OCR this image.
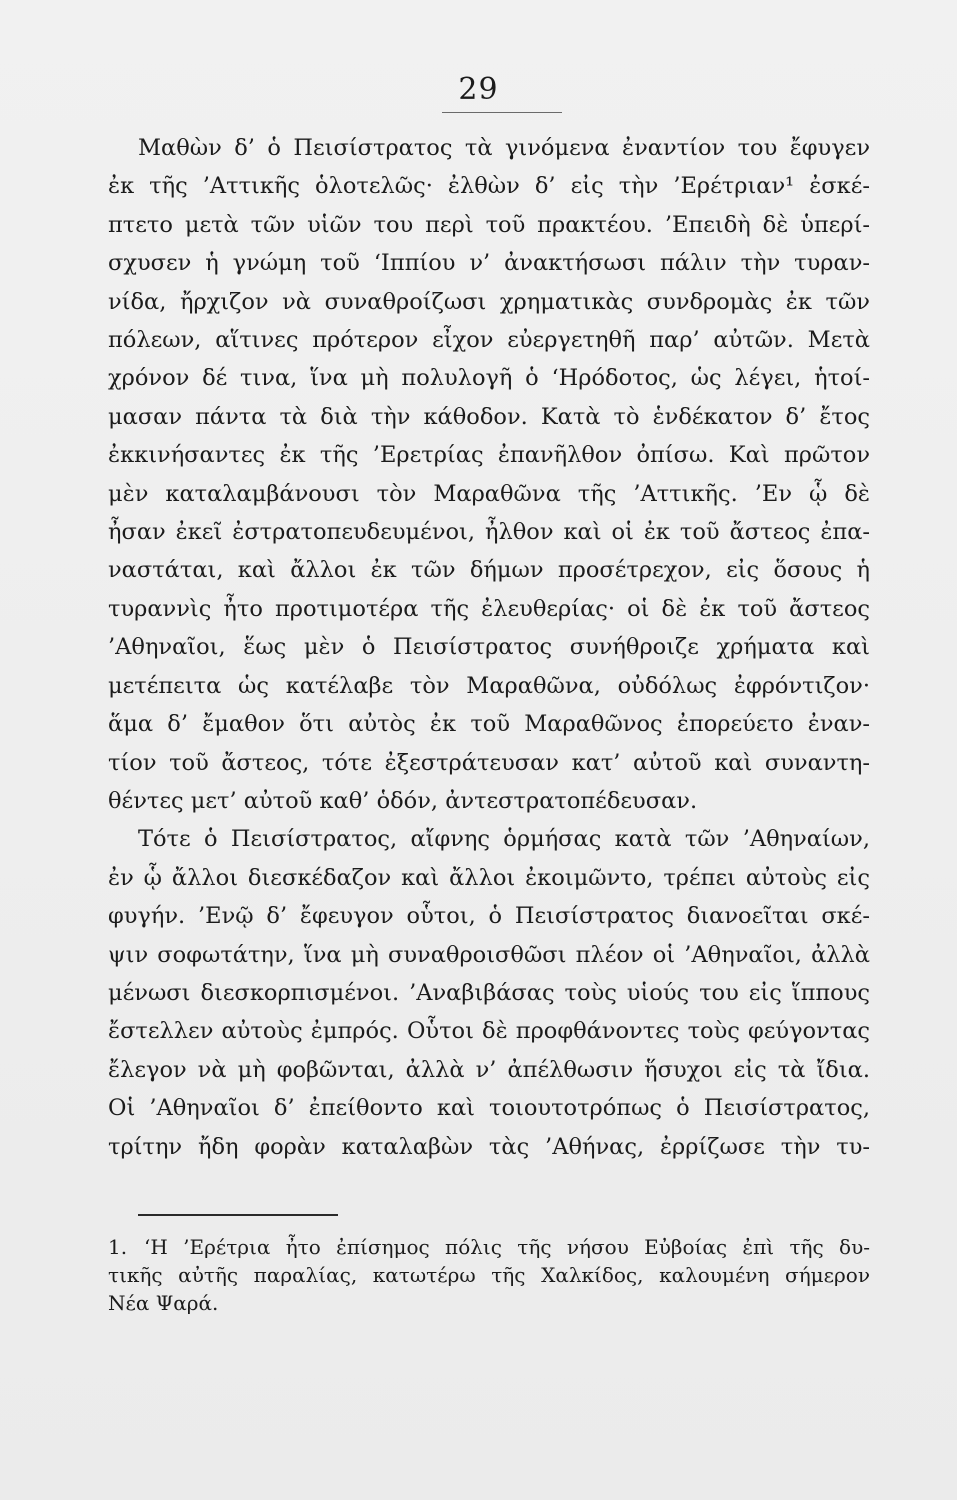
29
Μαθὼν δ’ ὁ Πεισίστρατος τὰ γινόμενα ἐναντίον του ἔφυγεν
ἐκ τῆς ’Αττικῆς ὁλοτελῶς· ἐλθὼν δ’ εἰς τὴν ’Ερέτριαν¹ ἐσκέ-
πτετο μετὰ τῶν υἱῶν του περὶ τοῦ πρακτέου. ’Επειδὴ δὲ ὑπερί-
σχυσεν ἡ γνώμη τοῦ ‘Ιππίου ν’ ἀνακτήσωσι πάλιν τὴν τυραν-
νίδα, ἤρχιζον νὰ συναθροίζωσι χρηματικὰς συνδρομὰς ἐκ τῶν
πόλεων, αἵτινες πρότερον εἶχον εὐεργετηθῆ παρ’ αὐτῶν. Μετὰ
χρόνον δέ τινα, ἵνα μὴ πολυλογῆ ὁ ‘Ηρόδοτος, ὡς λέγει, ἡτοί-
μασαν πάντα τὰ διὰ τὴν κάθοδον. Κατὰ τὸ ἑνδέκατον δ’ ἔτος
ἐκκινήσαντες ἐκ τῆς ’Ερετρίας ἐπανῆλθον ὀπίσω. Καὶ πρῶτον
μὲν καταλαμβάνουσι τὸν Μαραθῶνα τῆς ’Αττικῆς. ’Εν ᾧ δὲ
ἦσαν ἐκεῖ ἐστρατοπευδευμένοι, ἦλθον καὶ οἱ ἐκ τοῦ ἄστεος ἐπα-
ναστάται, καὶ ἄλλοι ἐκ τῶν δήμων προσέτρεχον, εἰς ὅσους ἡ
τυραννὶς ἦτο προτιμοτέρα τῆς ἐλευθερίας· οἱ δὲ ἐκ τοῦ ἄστεος
’Αθηναῖοι, ἕως μὲν ὁ Πεισίστρατος συνήθροιζε χρήματα καὶ
μετέπειτα ὡς κατέλαβε τὸν Μαραθῶνα, οὐδόλως ἐφρόντιζον·
ἅμα δ’ ἔμαθον ὅτι αὐτὸς ἐκ τοῦ Μαραθῶνος ἐπορεύετο ἐναν-
τίον τοῦ ἄστεος, τότε ἐξεστράτευσαν κατ’ αὐτοῦ καὶ συναντη-
θέντες μετ’ αὐτοῦ καθ’ ὁδόν, ἀντεστρατοπέδευσαν.
Τότε ὁ Πεισίστρατος, αἴφνης ὁρμήσας κατὰ τῶν ’Αθηναίων,
ἐν ᾧ ἄλλοι διεσκέδαζον καὶ ἄλλοι ἐκοιμῶντο, τρέπει αὐτοὺς εἰς
φυγήν. ’Ενῷ δ’ ἔφευγον οὗτοι, ὁ Πεισίστρατος διανοεῖται σκέ-
ψιν σοφωτάτην, ἵνα μὴ συναθροισθῶσι πλέον οἱ ’Αθηναῖοι, ἀλλὰ
μένωσι διεσκορπισμένοι. ’Αναβιβάσας τοὺς υἱούς του εἰς ἵππους
ἔστελλεν αὐτοὺς ἐμπρός. Οὗτοι δὲ προφθάνοντες τοὺς φεύγοντας
ἔλεγον νὰ μὴ φοβῶνται, ἀλλὰ ν’ ἀπέλθωσιν ἥσυχοι εἰς τὰ ἴδια.
Οἱ ’Αθηναῖοι δ’ ἐπείθοντο καὶ τοιουτοτρόπως ὁ Πεισίστρατος,
τρίτην ἤδη φορὰν καταλαβὼν τὰς ’Αθήνας, ἐρρίζωσε τὴν τυ-
1. ‘Η ’Ερέτρια ἦτο ἐπίσημος πόλις τῆς νήσου Εὐβοίας ἐπὶ τῆς δυ-
τικῆς αὐτῆς παραλίας, κατωτέρω τῆς Χαλκίδος, καλουμένη σήμερον
Νέα Ψαρά.
